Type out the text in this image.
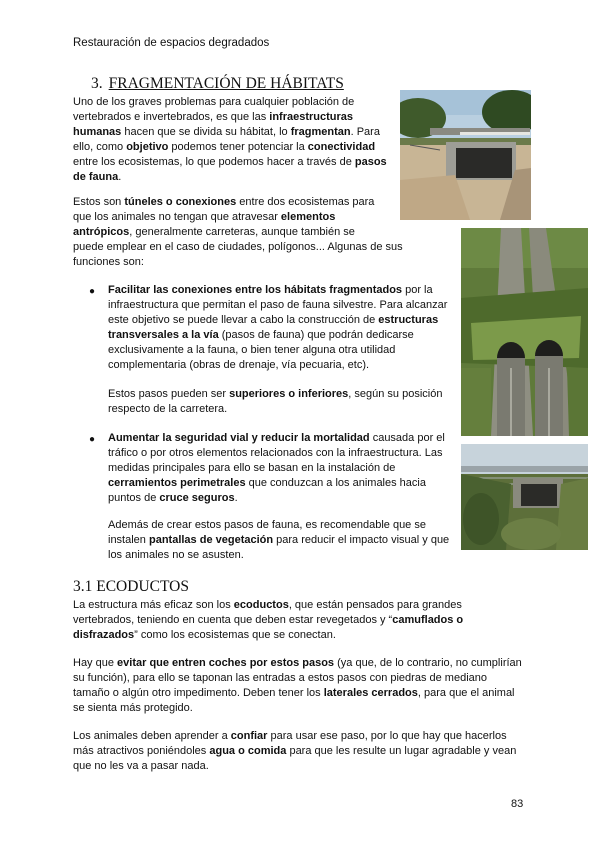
Restauración de espacios degradados
3. FRAGMENTACIÓN DE HÁBITATS
Uno de los graves problemas para cualquier población de
vertebrados e invertebrados, es que las infraestructuras
humanas hacen que se divida su hábitat, lo fragmentan. Para
ello, como objetivo podemos tener potenciar la conectividad
entre los ecosistemas, lo que podemos hacer a través de pasos
de fauna.
Estos son túneles o conexiones entre dos ecosistemas para
que los animales no tengan que atravesar elementos
antrópicos, generalmente carreteras, aunque también se
puede emplear en el caso de ciudades, polígonos... Algunas de sus
funciones son:
● Facilitar las conexiones entre los hábitats fragmentados por la
infraestructura que permitan el paso de fauna silvestre. Para alcanzar
este objetivo se puede llevar a cabo la construcción de estructuras
transversales a la vía (pasos de fauna) que podrán dedicarse
exclusivamente a la fauna, o bien tener alguna otra utilidad
complementaria (obras de drenaje, vía pecuaria, etc).
Estos pasos pueden ser superiores o inferiores, según su posición
respecto de la carretera.
● Aumentar la seguridad vial y reducir la mortalidad causada por el
tráfico o por otros elementos relacionados con la infraestructura. Las
medidas principales para ello se basan en la instalación de
cerramientos perimetrales que conduzcan a los animales hacia
puntos de cruce seguros.
Además de crear estos pasos de fauna, es recomendable que se
instalen pantallas de vegetación para reducir el impacto visual y que
los animales no se asusten.
3.1 ECODUCTOS
La estructura más eficaz son los ecoductos, que están pensados para grandes
vertebrados, teniendo en cuenta que deben estar revegetados y “camuflados o
disfrazados” como los ecosistemas que se conectan.
Hay que evitar que entren coches por estos pasos (ya que, de lo contrario, no cumplirían
su función), para ello se taponan las entradas a estos pasos con piedras de mediano
tamaño o algún otro impedimento. Deben tener los laterales cerrados, para que el animal
se sienta más protegido.
Los animales deben aprender a confiar para usar ese paso, por lo que hay que hacerlos
más atractivos poniéndoles agua o comida para que les resulte un lugar agradable y vean
que no les va a pasar nada.
83
